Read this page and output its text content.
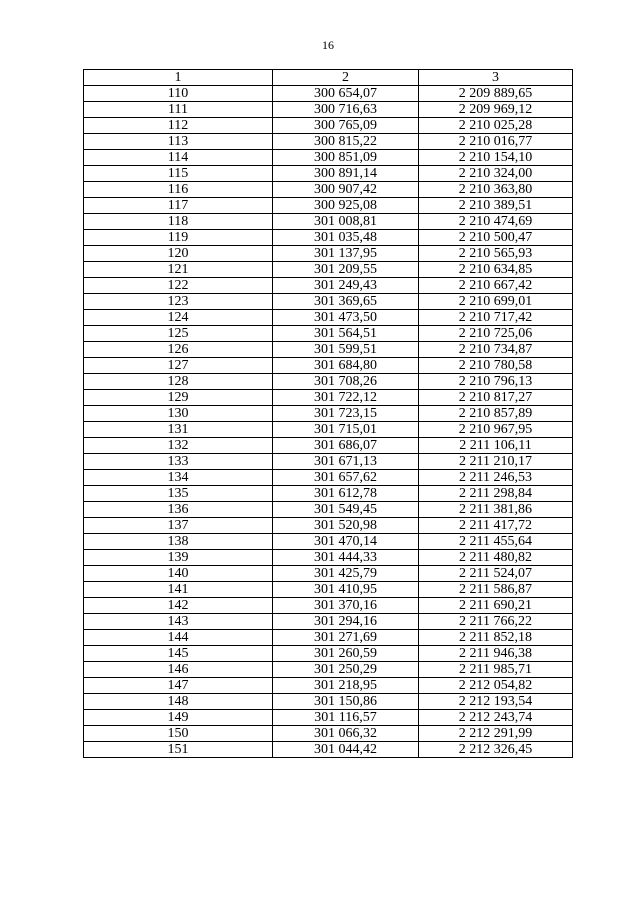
16
1	2	3
110	300 654,07	2 209 889,65
111	300 716,63	2 209 969,12
112	300 765,09	2 210 025,28
113	300 815,22	2 210 016,77
114	300 851,09	2 210 154,10
115	300 891,14	2 210 324,00
116	300 907,42	2 210 363,80
117	300 925,08	2 210 389,51
118	301 008,81	2 210 474,69
119	301 035,48	2 210 500,47
120	301 137,95	2 210 565,93
121	301 209,55	2 210 634,85
122	301 249,43	2 210 667,42
123	301 369,65	2 210 699,01
124	301 473,50	2 210 717,42
125	301 564,51	2 210 725,06
126	301 599,51	2 210 734,87
127	301 684,80	2 210 780,58
128	301 708,26	2 210 796,13
129	301 722,12	2 210 817,27
130	301 723,15	2 210 857,89
131	301 715,01	2 210 967,95
132	301 686,07	2 211 106,11
133	301 671,13	2 211 210,17
134	301 657,62	2 211 246,53
135	301 612,78	2 211 298,84
136	301 549,45	2 211 381,86
137	301 520,98	2 211 417,72
138	301 470,14	2 211 455,64
139	301 444,33	2 211 480,82
140	301 425,79	2 211 524,07
141	301 410,95	2 211 586,87
142	301 370,16	2 211 690,21
143	301 294,16	2 211 766,22
144	301 271,69	2 211 852,18
145	301 260,59	2 211 946,38
146	301 250,29	2 211 985,71
147	301 218,95	2 212 054,82
148	301 150,86	2 212 193,54
149	301 116,57	2 212 243,74
150	301 066,32	2 212 291,99
151	301 044,42	2 212 326,45
